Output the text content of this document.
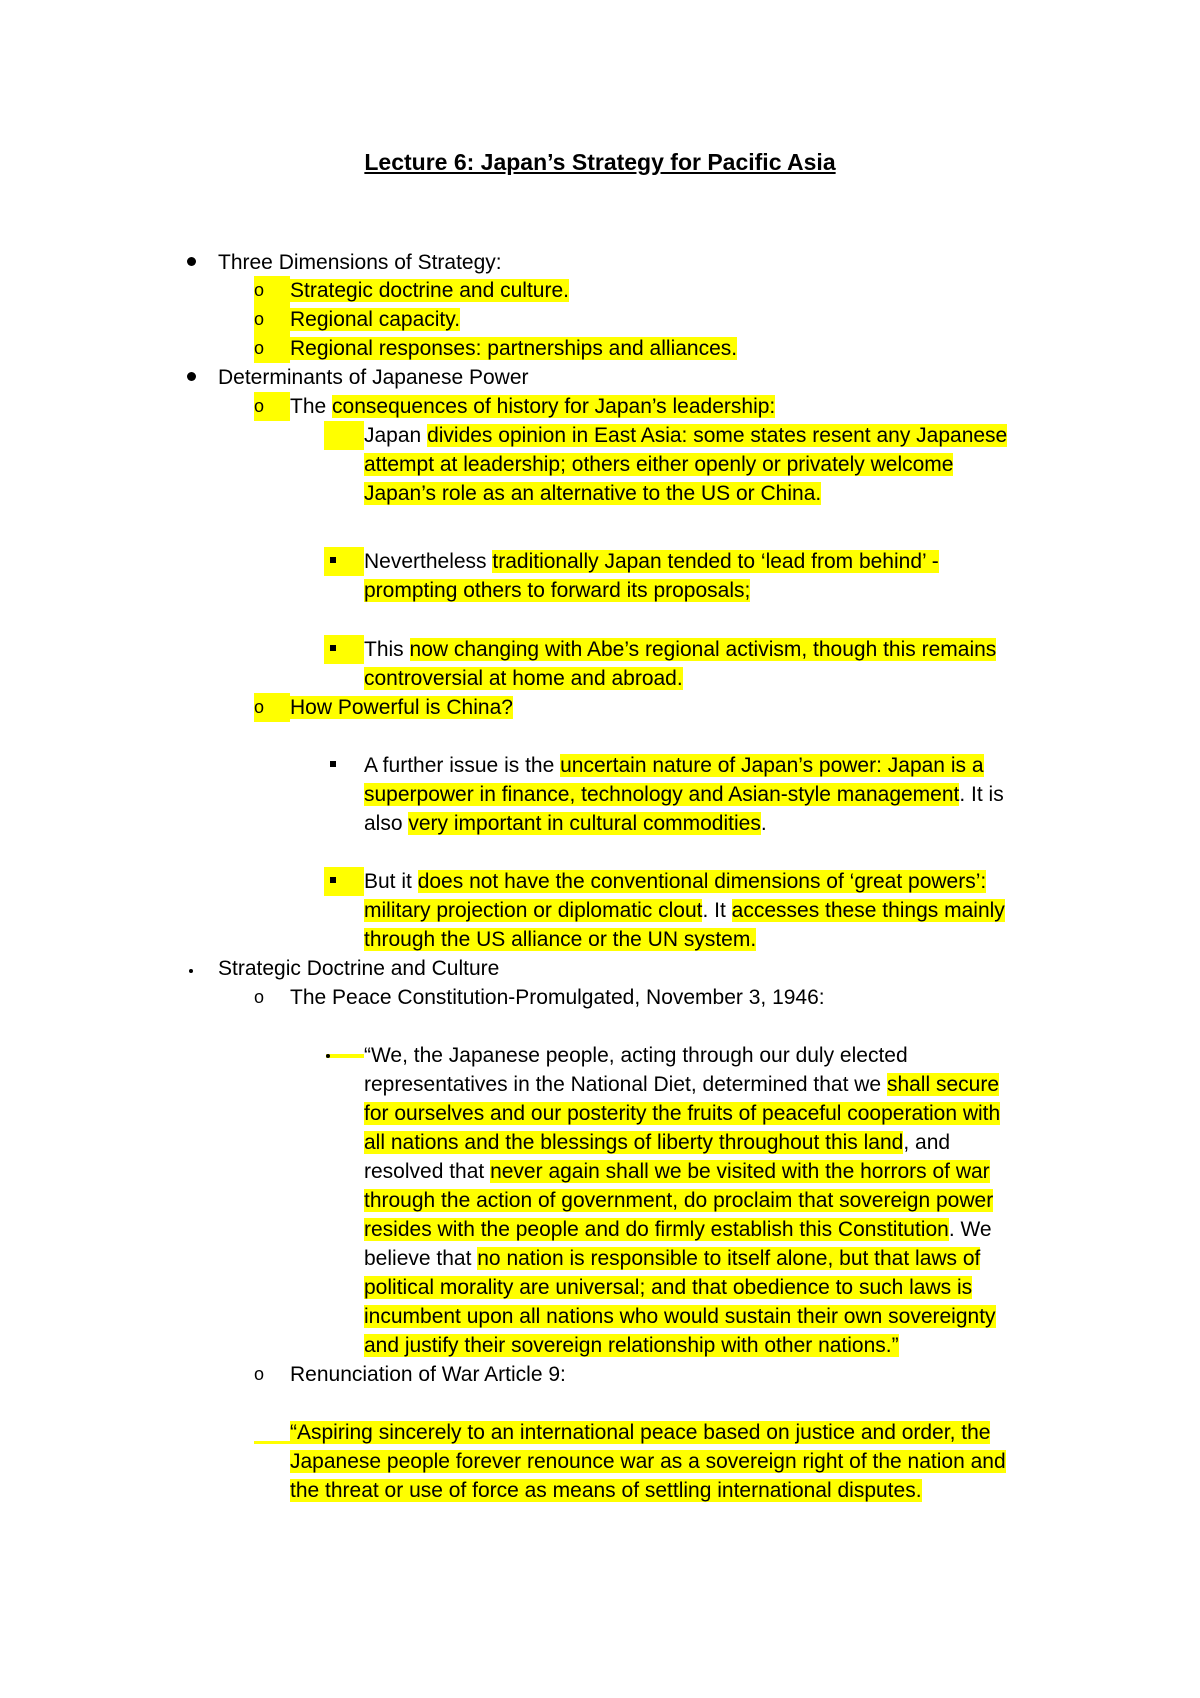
Lecture 6: Japan’s Strategy for Pacific Asia
Three Dimensions of Strategy:
o	Strategic doctrine and culture.
o	Regional capacity.
o	Regional responses: partnerships and alliances.
Determinants of Japanese Power
o	The consequences of history for Japan’s leadership:
Japan divides opinion in East Asia: some states resent any Japanese
attempt at leadership; others either openly or privately welcome
Japan’s role as an alternative to the US or China.
Nevertheless traditionally Japan tended to ‘lead from behind’ -
prompting others to forward its proposals;
This now changing with Abe’s regional activism, though this remains
controversial at home and abroad.
o	How Powerful is China?
A further issue is the uncertain nature of Japan’s power: Japan is a
superpower in finance, technology and Asian-style management. It is
also very important in cultural commodities.
But it does not have the conventional dimensions of ‘great powers’:
military projection or diplomatic clout. It accesses these things mainly
through the US alliance or the UN system.
Strategic Doctrine and Culture
o The Peace Constitution-Promulgated, November 3, 1946:
“We, the Japanese people, acting through our duly elected
representatives in the National Diet, determined that we shall secure
for ourselves and our posterity the fruits of peaceful cooperation with
all nations and the blessings of liberty throughout this land, and
resolved that never again shall we be visited with the horrors of war
through the action of government, do proclaim that sovereign power
resides with the people and do firmly establish this Constitution. We
believe that no nation is responsible to itself alone, but that laws of
political morality are universal; and that obedience to such laws is
incumbent upon all nations who would sustain their own sovereignty
and justify their sovereign relationship with other nations.”
o Renunciation of War Article 9:
“Aspiring sincerely to an international peace based on justice and order, the
Japanese people forever renounce war as a sovereign right of the nation and
the threat or use of force as means of settling international disputes.
